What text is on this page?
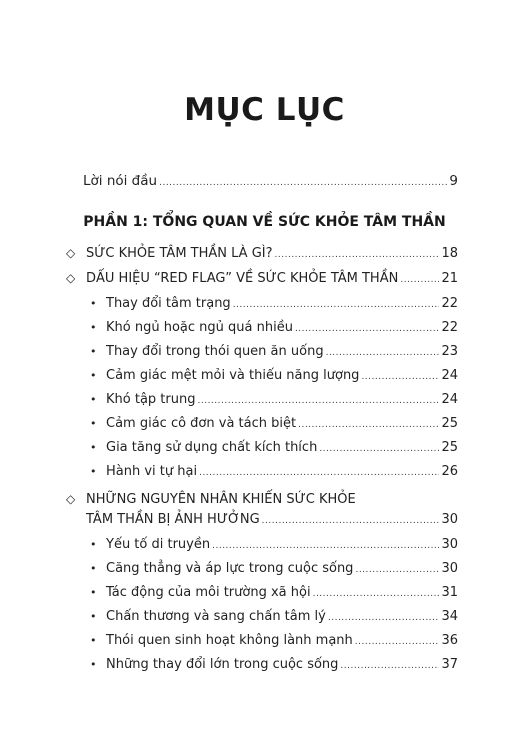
MỤC LỤC
Lời nói đầu .....	9
PHẦN 1: TỔNG QUAN VỀ SỨC KHỎE TÂM THẦN
◇ SỨC KHỎE TÂM THẦN LÀ GÌ? .....	18
◇ DẤU HIỆU “RED FLAG” VỀ SỨC KHỎE TÂM THẦN .....	21
• Thay đổi tâm trạng .....	22
• Khó ngủ hoặc ngủ quá nhiều .....	22
• Thay đổi trong thói quen ăn uống .....	23
• Cảm giác mệt mỏi và thiếu năng lượng .....	24
• Khó tập trung .....	24
• Cảm giác cô đơn và tách biệt .....	25
• Gia tăng sử dụng chất kích thích .....	25
• Hành vi tự hại .....	26
◇ NHỮNG NGUYÊN NHÂN KHIẾN SỨC KHỎE
TÂM THẦN BỊ ẢNH HƯỞNG .....	30
• Yếu tố di truyền .....	30
• Căng thẳng và áp lực trong cuộc sống .....	30
• Tác động của môi trường xã hội .....	31
• Chấn thương và sang chấn tâm lý .....	34
• Thói quen sinh hoạt không lành mạnh .....	36
• Những thay đổi lớn trong cuộc sống .....	37
